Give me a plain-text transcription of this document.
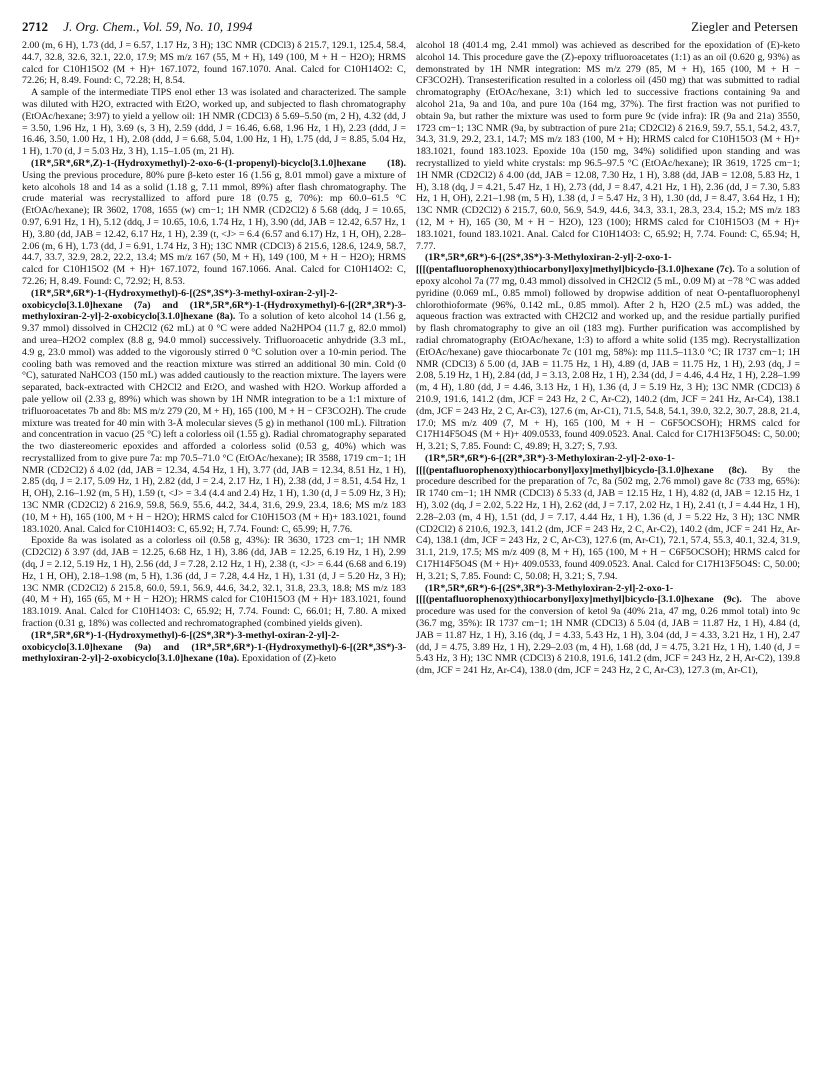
2712 J. Org. Chem., Vol. 59, No. 10, 1994	Ziegler and Petersen

2.00 (m, 6 H), 1.73 (dd, J = 6.57, 1.17 Hz, 3 H); 13C NMR (CDCl3) δ 215.7, 129.1, 125.4, 58.4, 44.7, 32.8, 32.6, 32.1, 22.0, 17.9; MS m/z 167 (55, M + H), 149 (100, M + H − H2O); HRMS calcd for C10H15O2 (M + H)+ 167.1072, found 167.1070. Anal. Calcd for C10H14O2: C, 72.26; H, 8.49. Found: C, 72.28; H, 8.54.

A sample of the intermediate TIPS enol ether 13 was isolated and characterized. The sample was diluted with H2O, extracted with Et2O, worked up, and subjected to flash chromatography (EtOAc/hexane; 3:97) to yield a yellow oil: 1H NMR (CDCl3) δ 5.69–5.50 (m, 2 H), 4.32 (dd, J = 3.50, 1.96 Hz, 1 H), 3.69 (s, 3 H), 2.59 (ddd, J = 16.46, 6.68, 1.96 Hz, 1 H), 2.23 (ddd, J = 16.46, 3.50, 1.00 Hz, 1 H), 2.08 (ddd, J = 6.68, 5.04, 1.00 Hz, 1 H), 1.75 (dd, J = 8.85, 5.04 Hz, 1 H), 1.70 (d, J = 5.03 Hz, 3 H), 1.15–1.05 (m, 21 H).

(1R*,5R*,6R*,Z)-1-(Hydroxymethyl)-2-oxo-6-(1-propenyl)-bicyclo[3.1.0]hexane (18). Using the previous procedure, 80% pure β-keto ester 16 (1.56 g, 8.01 mmol) gave a mixture of keto alcohols 18 and 14 as a solid (1.18 g, 7.11 mmol, 89%) after flash chromatography. The crude material was recrystallized to afford pure 18 (0.75 g, 70%): mp 60.0–61.5 °C (EtOAc/hexane); IR 3602, 1708, 1655 (w) cm−1; 1H NMR (CD2Cl2) δ 5.68 (ddq, J = 10.65, 0.97, 6.91 Hz, 1 H), 5.12 (ddq, J = 10.65, 10.6, 1.74 Hz, 1 H), 3.90 (dd, JAB = 12.42, 6.57 Hz, 1 H), 3.80 (dd, JAB = 12.42, 6.17 Hz, 1 H), 2.39 (t, <J> = 6.4 (6.57 and 6.17) Hz, 1 H, OH), 2.28–2.06 (m, 6 H), 1.73 (dd, J = 6.91, 1.74 Hz, 3 H); 13C NMR (CDCl3) δ 215.6, 128.6, 124.9, 58.7, 44.7, 33.7, 32.9, 28.2, 22.2, 13.4; MS m/z 167 (50, M + H), 149 (100, M + H − H2O); HRMS calcd for C10H15O2 (M + H)+ 167.1072, found 167.1066. Anal. Calcd for C10H14O2: C, 72.26; H, 8.49. Found: C, 72.92; H, 8.53.

(1R*,5R*,6R*)-1-(Hydroxymethyl)-6-[(2S*,3S*)-3-methyl-oxiran-2-yl]-2-oxobicyclo[3.1.0]hexane (7a) and (1R*,5R*,6R*)-1-(Hydroxymethyl)-6-[(2R*,3R*)-3-methyloxiran-2-yl]-2-oxobicyclo[3.1.0]hexane (8a). To a solution of keto alcohol 14 (1.56 g, 9.37 mmol) dissolved in CH2Cl2 (62 mL) at 0 °C were added Na2HPO4 (11.7 g, 82.0 mmol) and urea–H2O2 complex (8.8 g, 94.0 mmol) successively. Trifluoroacetic anhydride (3.3 mL, 4.9 g, 23.0 mmol) was added to the vigorously stirred 0 °C solution over a 10-min period. The cooling bath was removed and the reaction mixture was stirred an additional 30 min. Cold (0 °C), saturated NaHCO3 (150 mL) was added cautiously to the reaction mixture. The layers were separated, back-extracted with CH2Cl2 and Et2O, and washed with H2O. Workup afforded a pale yellow oil (2.33 g, 89%) which was shown by 1H NMR integration to be a 1:1 mixture of trifluoroacetates 7b and 8b: MS m/z 279 (20, M + H), 165 (100, M + H − CF3CO2H). The crude mixture was treated for 40 min with 3-Å molecular sieves (5 g) in methanol (100 mL). Filtration and concentration in vacuo (25 °C) left a colorless oil (1.55 g). Radial chromatography separated the two diastereomeric epoxides and afforded a colorless solid (0.53 g, 40%) which was recrystallized from to give pure 7a: mp 70.5–71.0 °C (EtOAc/hexane); IR 3588, 1719 cm−1; 1H NMR (CD2Cl2) δ 4.02 (dd, JAB = 12.34, 4.54 Hz, 1 H), 3.77 (dd, JAB = 12.34, 8.51 Hz, 1 H), 2.85 (dq, J = 2.17, 5.09 Hz, 1 H), 2.82 (dd, J = 2.4, 2.17 Hz, 1 H), 2.38 (dd, J = 8.51, 4.54 Hz, 1 H, OH), 2.16–1.92 (m, 5 H), 1.59 (t, <J> = 3.4 (4.4 and 2.4) Hz, 1 H), 1.30 (d, J = 5.09 Hz, 3 H); 13C NMR (CD2Cl2) δ 216.9, 59.8, 56.9, 55.6, 44.2, 34.4, 31.6, 29.9, 23.4, 18.6; MS m/z 183 (10, M + H), 165 (100, M + H − H2O); HRMS calcd for C10H15O3 (M + H)+ 183.1021, found 183.1020. Anal. Calcd for C10H14O3: C, 65.92; H, 7.74. Found: C, 65.99; H, 7.76.

Epoxide 8a was isolated as a colorless oil (0.58 g, 43%): IR 3630, 1723 cm−1; 1H NMR (CD2Cl2) δ 3.97 (dd, JAB = 12.25, 6.68 Hz, 1 H), 3.86 (dd, JAB = 12.25, 6.19 Hz, 1 H), 2.99 (dq, J = 2.12, 5.19 Hz, 1 H), 2.56 (dd, J = 7.28, 2.12 Hz, 1 H), 2.38 (t, <J> = 6.44 (6.68 and 6.19) Hz, 1 H, OH), 2.18–1.98 (m, 5 H), 1.36 (dd, J = 7.28, 4.4 Hz, 1 H), 1.31 (d, J = 5.20 Hz, 3 H); 13C NMR (CD2Cl2) δ 215.8, 60.0, 59.1, 56.9, 44.6, 34.2, 32.1, 31.8, 23.3, 18.8; MS m/z 183 (40, M + H), 165 (65, M + H − H2O); HRMS calcd for C10H15O3 (M + H)+ 183.1021, found 183.1019. Anal. Calcd for C10H14O3: C, 65.92; H, 7.74. Found: C, 66.01; H, 7.80. A mixed fraction (0.31 g, 18%) was collected and rechromatographed (combined yields given).

(1R*,5R*,6R*)-1-(Hydroxymethyl)-6-[(2S*,3R*)-3-methyl-oxiran-2-yl]-2-oxobicyclo[3.1.0]hexane (9a) and (1R*,5R*,6R*)-1-(Hydroxymethyl)-6-[(2R*,3S*)-3-methyloxiran-2-yl]-2-oxobicyclo[3.1.0]hexane (10a). Epoxidation of (Z)-keto

alcohol 18 (401.4 mg, 2.41 mmol) was achieved as described for the epoxidation of (E)-keto alcohol 14. This procedure gave the (Z)-epoxy trifluoroacetates (1:1) as an oil (0.620 g, 93%) as demonstrated by 1H NMR integration: MS m/z 279 (85, M + H), 165 (100, M + H − CF3CO2H). Transesterification resulted in a colorless oil (450 mg) that was submitted to radial chromatography (EtOAc/hexane, 3:1) which led to successive fractions containing 9a and alcohol 21a, 9a and 10a, and pure 10a (164 mg, 37%). The first fraction was not purified to obtain 9a, but rather the mixture was used to form pure 9c (vide infra): IR (9a and 21a) 3550, 1723 cm−1; 13C NMR (9a, by subtraction of pure 21a; CD2Cl2) δ 216.9, 59.7, 55.1, 54.2, 43.7, 34.3, 31.9, 29.2, 23.1, 14.7; MS m/z 183 (100, M + H); HRMS calcd for C10H15O3 (M + H)+ 183.1021, found 183.1023. Epoxide 10a (150 mg, 34%) solidified upon standing and was recrystallized to yield white crystals: mp 96.5–97.5 °C (EtOAc/hexane); IR 3619, 1725 cm−1; 1H NMR (CD2Cl2) δ 4.00 (dd, JAB = 12.08, 7.30 Hz, 1 H), 3.88 (dd, JAB = 12.08, 5.83 Hz, 1 H), 3.18 (dq, J = 4.21, 5.47 Hz, 1 H), 2.73 (dd, J = 8.47, 4.21 Hz, 1 H), 2.36 (dd, J = 7.30, 5.83 Hz, 1 H, OH), 2.21–1.98 (m, 5 H), 1.38 (d, J = 5.47 Hz, 3 H), 1.30 (dd, J = 8.47, 3.64 Hz, 1 H); 13C NMR (CD2Cl2) δ 215.7, 60.0, 56.9, 54.9, 44.6, 34.3, 33.1, 28.3, 23.4, 15.2; MS m/z 183 (12, M + H), 165 (30, M + H − H2O), 123 (100); HRMS calcd for C10H15O3 (M + H)+ 183.1021, found 183.1021. Anal. Calcd for C10H14O3: C, 65.92; H, 7.74. Found: C, 65.94; H, 7.77.

(1R*,5R*,6R*)-6-[(2S*,3S*)-3-Methyloxiran-2-yl]-2-oxo-1-[[[(pentafluorophenoxy)thiocarbonyl]oxy]methyl]bicyclo-[3.1.0]hexane (7c). To a solution of epoxy alcohol 7a (77 mg, 0.43 mmol) dissolved in CH2Cl2 (5 mL, 0.09 M) at −78 °C was added pyridine (0.069 mL, 0.85 mmol) followed by dropwise addition of neat O-pentafluorophenyl chlorothioformate (96%, 0.142 mL, 0.85 mmol). After 2 h, H2O (2.5 mL) was added, the aqueous fraction was extracted with CH2Cl2 and worked up, and the residue partially purified by flash chromatography to give an oil (183 mg). Further purification was accomplished by radial chromatography (EtOAc/hexane, 1:3) to afford a white solid (135 mg). Recrystallization (EtOAc/hexane) gave thiocarbonate 7c (101 mg, 58%): mp 111.5–113.0 °C; IR 1737 cm−1; 1H NMR (CDCl3) δ 5.00 (d, JAB = 11.75 Hz, 1 H), 4.89 (d, JAB = 11.75 Hz, 1 H), 2.93 (dq, J = 2.08, 5.19 Hz, 1 H), 2.84 (dd, J = 3.13, 2.08 Hz, 1 H), 2.34 (dd, J = 4.46, 4.4 Hz, 1 H), 2.28–1.99 (m, 4 H), 1.80 (dd, J = 4.46, 3.13 Hz, 1 H), 1.36 (d, J = 5.19 Hz, 3 H); 13C NMR (CDCl3) δ 210.9, 191.6, 141.2 (dm, JCF = 243 Hz, 2 C, Ar-C2), 140.2 (dm, JCF = 241 Hz, Ar-C4), 138.1 (dm, JCF = 243 Hz, 2 C, Ar-C3), 127.6 (m, Ar-C1), 71.5, 54.8, 54.1, 39.0, 32.2, 30.7, 28.8, 21.4, 17.0; MS m/z 409 (7, M + H), 165 (100, M + H − C6F5OCSOH); HRMS calcd for C17H14F5O4S (M + H)+ 409.0533, found 409.0523. Anal. Calcd for C17H13F5O4S: C, 50.00; H, 3.21; S, 7.85. Found: C, 49.89; H, 3.27; S, 7.93.

(1R*,5R*,6R*)-6-[(2R*,3R*)-3-Methyloxiran-2-yl]-2-oxo-1-[[[(pentafluorophenoxy)thiocarbonyl]oxy]methyl]bicyclo-[3.1.0]hexane (8c). By the procedure described for the preparation of 7c, 8a (502 mg, 2.76 mmol) gave 8c (733 mg, 65%): IR 1740 cm−1; 1H NMR (CDCl3) δ 5.33 (d, JAB = 12.15 Hz, 1 H), 4.82 (d, JAB = 12.15 Hz, 1 H), 3.02 (dq, J = 2.02, 5.22 Hz, 1 H), 2.62 (dd, J = 7.17, 2.02 Hz, 1 H), 2.41 (t, J = 4.44 Hz, 1 H), 2.28–2.03 (m, 4 H), 1.51 (dd, J = 7.17, 4.44 Hz, 1 H), 1.36 (d, J = 5.22 Hz, 3 H); 13C NMR (CD2Cl2) δ 210.6, 192.3, 141.2 (dm, JCF = 243 Hz, 2 C, Ar-C2), 140.2 (dm, JCF = 241 Hz, Ar-C4), 138.1 (dm, JCF = 243 Hz, 2 C, Ar-C3), 127.6 (m, Ar-C1), 72.1, 57.4, 55.3, 40.1, 32.4, 31.9, 31.1, 21.9, 17.5; MS m/z 409 (8, M + H), 165 (100, M + H − C6F5OCSOH); HRMS calcd for C17H14F5O4S (M + H)+ 409.0533, found 409.0523. Anal. Calcd for C17H13F5O4S: C, 50.00; H, 3.21; S, 7.85. Found: C, 50.08; H, 3.21; S, 7.94.

(1R*,5R*,6R*)-6-[(2S*,3R*)-3-Methyloxiran-2-yl]-2-oxo-1-[[[(pentafluorophenoxy)thiocarbonyl]oxy]methyl]bicyclo-[3.1.0]hexane (9c). The above procedure was used for the conversion of ketol 9a (40% 21a, 47 mg, 0.26 mmol total) into 9c (36.7 mg, 35%): IR 1737 cm−1; 1H NMR (CDCl3) δ 5.04 (d, JAB = 11.87 Hz, 1 H), 4.84 (d, JAB = 11.87 Hz, 1 H), 3.16 (dq, J = 4.33, 5.43 Hz, 1 H), 3.04 (dd, J = 4.33, 3.21 Hz, 1 H), 2.47 (dd, J = 4.75, 3.89 Hz, 1 H), 2.29–2.03 (m, 4 H), 1.68 (dd, J = 4.75, 3.21 Hz, 1 H), 1.40 (d, J = 5.43 Hz, 3 H); 13C NMR (CDCl3) δ 210.8, 191.6, 141.2 (dm, JCF = 243 Hz, 2 H, Ar-C2), 139.8 (dm, JCF = 241 Hz, Ar-C4), 138.0 (dm, JCF = 243 Hz, 2 C, Ar-C3), 127.3 (m, Ar-C1),
